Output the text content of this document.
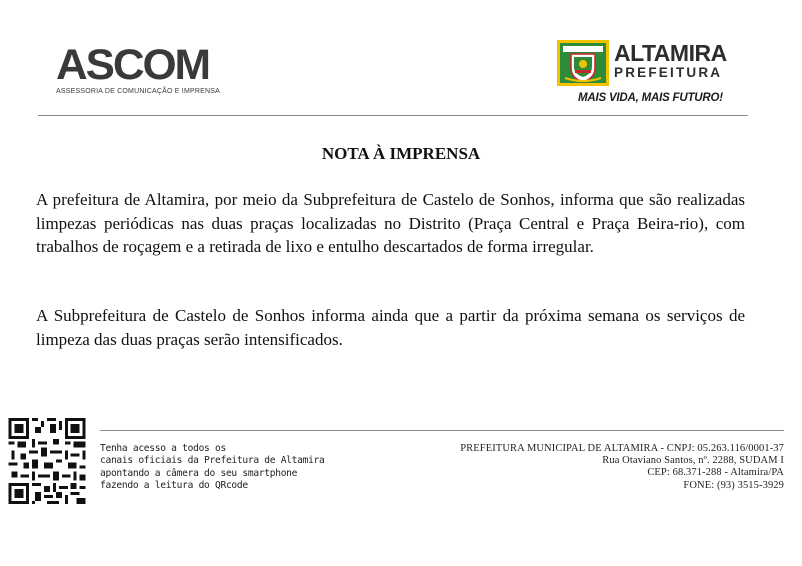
ASCOM
ASSESSORIA DE COMUNICAÇÃO E IMPRENSA
ALTAMIRA
PREFEITURA
MAIS VIDA, MAIS FUTURO!
NOTA À IMPRENSA
A prefeitura de Altamira, por meio da Subprefeitura de Castelo de Sonhos, informa que são realizadas limpezas periódicas nas duas praças localizadas no Distrito (Praça Central e Praça Beira-rio), com trabalhos de roçagem e a retirada de lixo e entulho descartados de forma irregular.
A Subprefeitura de Castelo de Sonhos informa ainda que a partir da próxima semana os serviços de limpeza das duas praças serão intensificados.
Tenha acesso a todos os
canais oficiais da Prefeitura de Altamira
apontando a câmera do seu smartphone
fazendo a leitura do QRcode
PREFEITURA MUNICIPAL DE ALTAMIRA - CNPJ: 05.263.116/0001-37
Rua Otaviano Santos, nº. 2288, SUDAM I
CEP: 68.371-288 - Altamira/PA
FONE: (93) 3515-3929
